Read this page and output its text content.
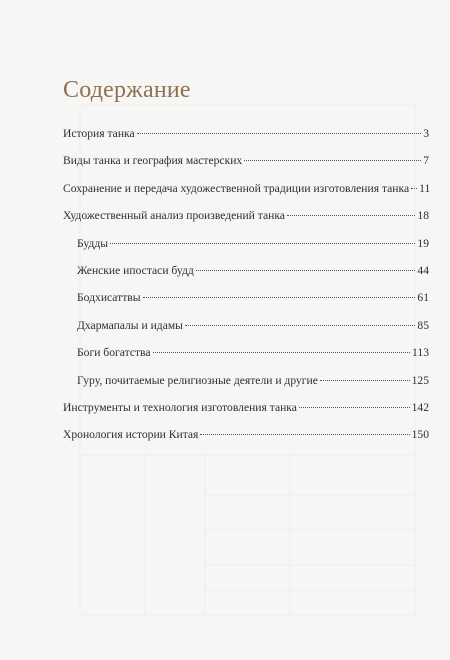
Содержание
История танка	3
Виды танка и география мастерских	7
Сохранение и передача художественной традиции изготовления танка 11
Художественный анализ произведений танка	18
Будды	19
Женские ипостаси будд	44
Бодхисаттвы	61
Дхармапалы и идамы	85
Боги богатства	113
Гуру, почитаемые религиозные деятели и другие	125
Инструменты и технология изготовления танка	142
Хронология истории Китая	150
